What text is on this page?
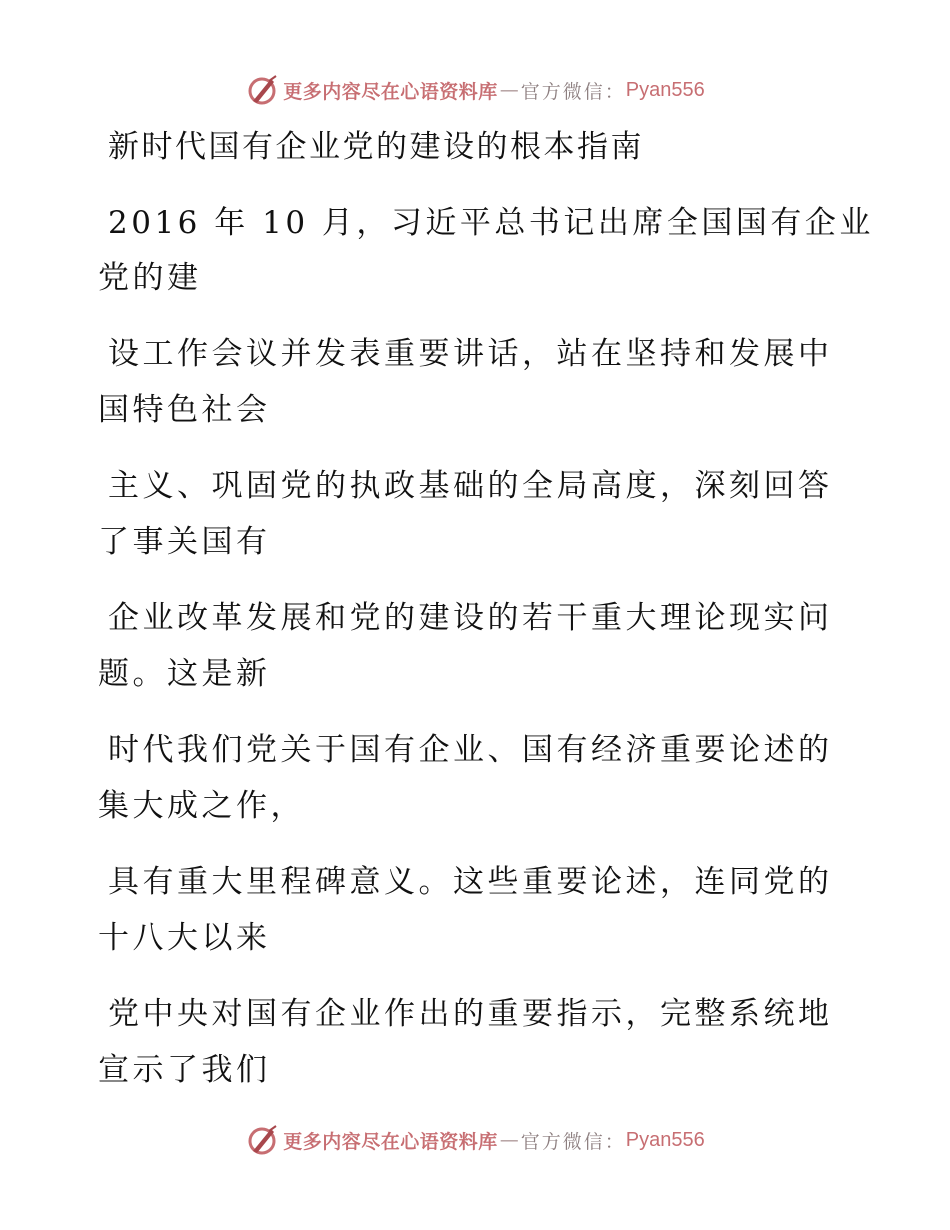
更多内容尽在心语资料库 — 官方微信： Pyan556
新时代国有企业党的建设的根本指南
2016 年 10 月，习近平总书记出席全国国有企业
党的建
设工作会议并发表重要讲话，站在坚持和发展中
国特色社会
主义、巩固党的执政基础的全局高度，深刻回答
了事关国有
企业改革发展和党的建设的若干重大理论现实问
题。这是新
时代我们党关于国有企业、国有经济重要论述的
集大成之作，
具有重大里程碑意义。这些重要论述，连同党的
十八大以来
党中央对国有企业作出的重要指示，完整系统地
宣示了我们
更多内容尽在心语资料库 — 官方微信： Pyan556
